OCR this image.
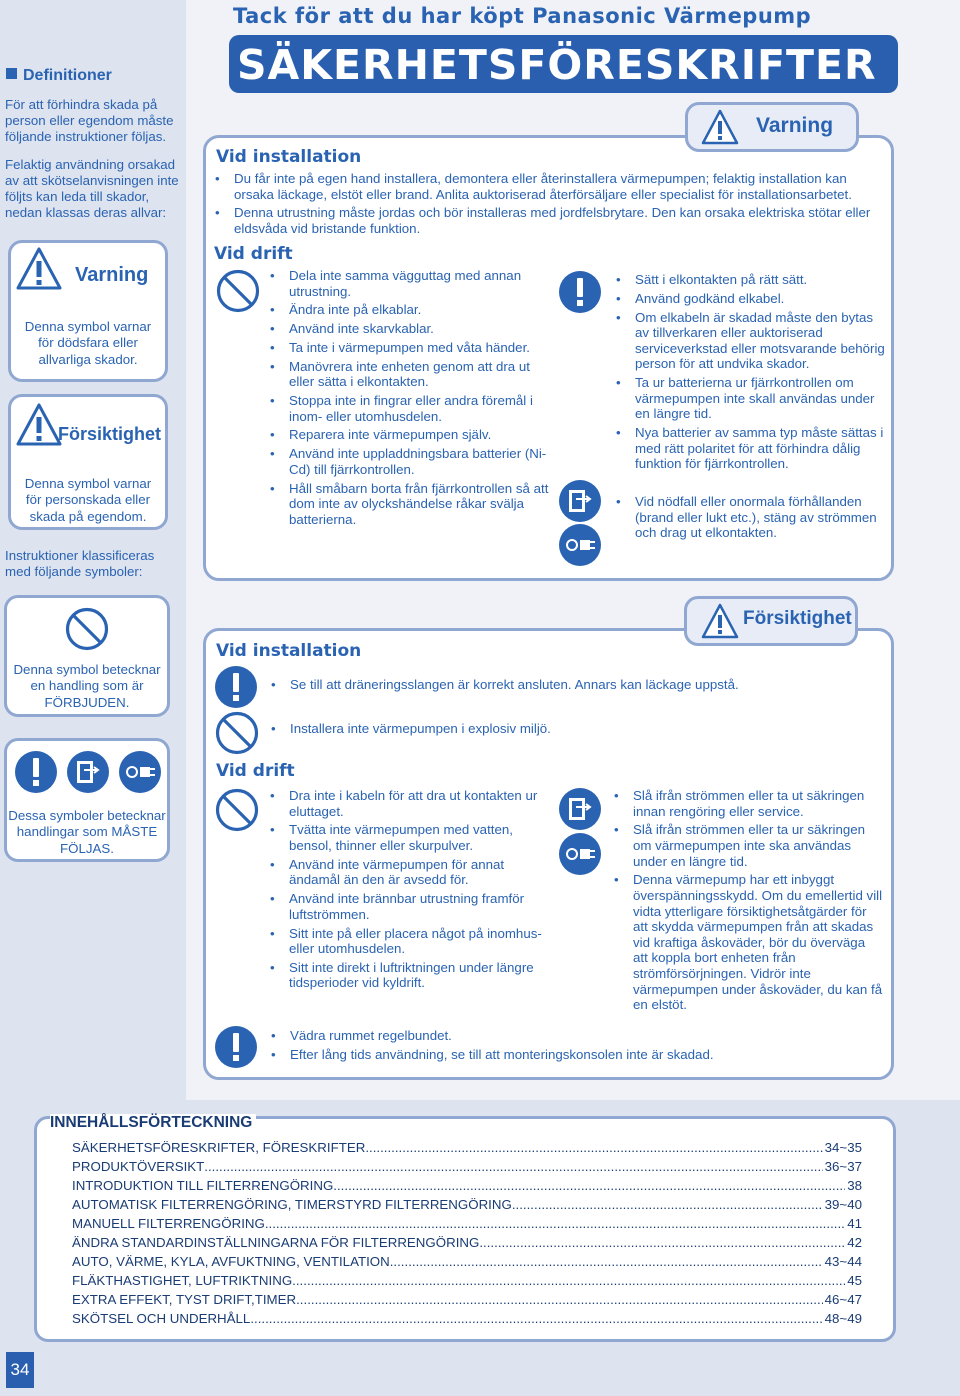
Tack för att du har köpt Panasonic Värmepump
SÄKERHETSFÖRESKRIFTER
Definitioner
För att förhindra skada på person eller egendom måste följande instruktioner följas.
Felaktig användning orsakad av att skötselanvisningen inte följts kan leda till skador, nedan klassas deras allvar:
Varning
Denna symbol varnar för dödsfara eller allvarliga skador.
Försiktighet
Denna symbol varnar för personskada eller skada på egendom.
Instruktioner klassificeras med följande symboler:
Denna symbol betecknar en handling som är FÖRBJUDEN.
Dessa symboler betecknar handlingar som MÅSTE FÖLJAS.
Varning
Vid installation
• Du får inte på egen hand installera, demontera eller återinstallera värmepumpen; felaktig installation kan orsaka läckage, elstöt eller brand. Anlita auktoriserad återförsäljare eller specialist för installationsarbetet.
• Denna utrustning måste jordas och bör installeras med jordfelsbrytare. Den kan orsaka elektriska stötar eller eldsvåda vid bristande funktion.
Vid drift
• Dela inte samma vägguttag med annan utrustning.
• Ändra inte på elkablar.
• Använd inte skarvkablar.
• Ta inte i värmepumpen med våta händer.
• Manövrera inte enheten genom att dra ut eller sätta i elkontakten.
• Stoppa inte in fingrar eller andra föremål i inom- eller utomhusdelen.
• Reparera inte värmepumpen själv.
• Använd inte uppladdningsbara batterier (Ni-Cd) till fjärrkontrollen.
• Håll småbarn borta från fjärrkontrollen så att dom inte av olyckshändelse råkar svälja batterierna.
• Sätt i elkontakten på rätt sätt.
• Använd godkänd elkabel.
• Om elkabeln är skadad måste den bytas av tillverkaren eller auktoriserad serviceverkstad eller motsvarande behörig person för att undvika skador.
• Ta ur batterierna ur fjärrkontrollen om värmepumpen inte skall användas under en längre tid.
• Nya batterier av samma typ måste sättas i med rätt polaritet för att förhindra dålig funktion för fjärrkontrollen.
• Vid nödfall eller onormala förhållanden (brand eller lukt etc.), stäng av strömmen och drag ut elkontakten.
Försiktighet
Vid installation
• Se till att dräneringsslangen är korrekt ansluten. Annars kan läckage uppstå.
• Installera inte värmepumpen i explosiv miljö.
Vid drift
• Dra inte i kabeln för att dra ut kontakten ur eluttaget.
• Tvätta inte värmepumpen med vatten, bensol, thinner eller skurpulver.
• Använd inte värmepumpen för annat ändamål än den är avsedd för.
• Använd inte brännbar utrustning framför luftströmmen.
• Sitt inte på eller placera något på inomhus- eller utomhusdelen.
• Sitt inte direkt i luftriktningen under längre tidsperioder vid kyldrift.
• Slå ifrån strömmen eller ta ut säkringen innan rengöring eller service.
• Slå ifrån strömmen eller ta ur säkringen om värmepumpen inte ska användas under en längre tid.
• Denna värmepump har ett inbyggt överspänningsskydd. Om du emellertid vill vidta ytterligare försiktighetsåtgärder för att skydda värmepumpen från att skadas vid kraftiga åskoväder, bör du överväga att koppla bort enheten från strömförsörjningen. Vidrör inte värmepumpen under åskoväder, du kan få en elstöt.
• Vädra rummet regelbundet.
• Efter lång tids användning, se till att monteringskonsolen inte är skadad.
INNEHÅLLSFÖRTECKNING
SÄKERHETSFÖRESKRIFTER, FÖRESKRIFTER .....	34~35
PRODUKTÖVERSIKT .....	36~37
INTRODUKTION TILL FILTERRENGÖRING .....	38
AUTOMATISK FILTERRENGÖRING, TIMERSTYRD FILTERRENGÖRING .....	39~40
MANUELL FILTERRENGÖRING .....	41
ÄNDRA STANDARDINSTÄLLNINGARNA FÖR FILTERRENGÖRING .....	42
AUTO, VÄRME, KYLA, AVFUKTNING, VENTILATION .....	43~44
FLÄKTHASTIGHET, LUFTRIKTNING .....	45
EXTRA EFFEKT, TYST DRIFT,TIMER .....	46~47
SKÖTSEL OCH UNDERHÅLL .....	48~49
34
